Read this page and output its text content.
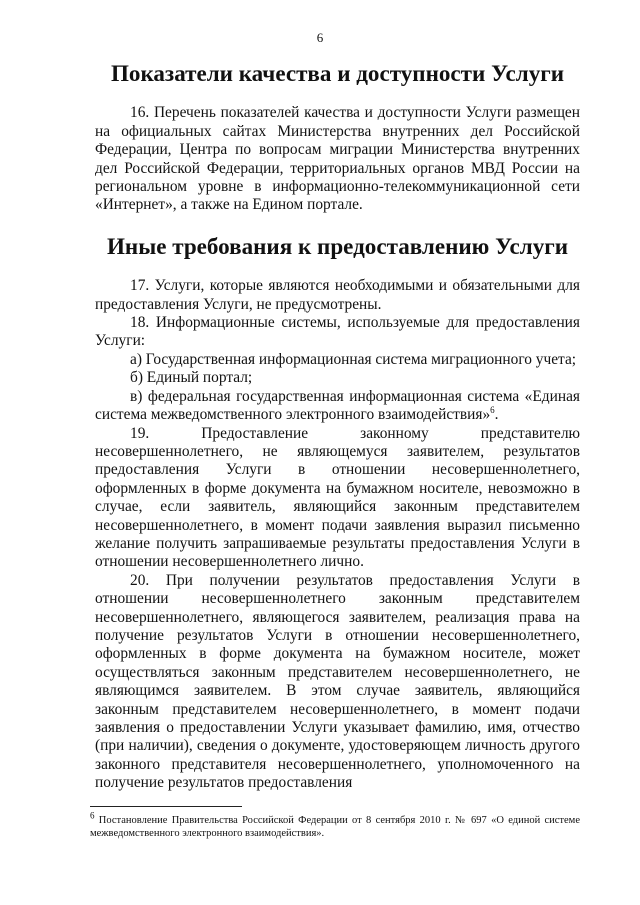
6
Показатели качества и доступности Услуги

16. Перечень показателей качества и доступности Услуги размещен на официальных сайтах Министерства внутренних дел Российской Федерации, Центра по вопросам миграции Министерства внутренних дел Российской Федерации, территориальных органов МВД России на региональном уровне в информационно-телекоммуникационной сети «Интернет», а также на Едином портале.

Иные требования к предоставлению Услуги

17. Услуги, которые являются необходимыми и обязательными для предоставления Услуги, не предусмотрены.

18. Информационные системы, используемые для предоставления Услуги:

а) Государственная информационная система миграционного учета;

б) Единый портал;

в) федеральная государственная информационная система «Единая система межведомственного электронного взаимодействия»$^6$.

19. Предоставление законному представителю несовершеннолетнего, не являющемуся заявителем, результатов предоставления Услуги в отношении несовершеннолетнего, оформленных в форме документа на бумажном носителе, невозможно в случае, если заявитель, являющийся законным представителем несовершеннолетнего, в момент подачи заявления выразил письменно желание получить запрашиваемые результаты предоставления Услуги в отношении несовершеннолетнего лично.

20. При получении результатов предоставления Услуги в отношении несовершеннолетнего законным представителем несовершеннолетнего, являющегося заявителем, реализация права на получение результатов Услуги в отношении несовершеннолетнего, оформленных в форме документа на бумажном носителе, может осуществляться законным представителем несовершеннолетнего, не являющимся заявителем. В этом случае заявитель, являющийся законным представителем несовершеннолетнего, в момент подачи заявления о предоставлении Услуги указывает фамилию, имя, отчество (при наличии), сведения о документе, удостоверяющем личность другого законного представителя несовершеннолетнего, уполномоченного на получение результатов предоставления

$^6$ Постановление Правительства Российской Федерации от 8 сентября 2010 г. № 697 «О единой системе межведомственного электронного взаимодействия».
